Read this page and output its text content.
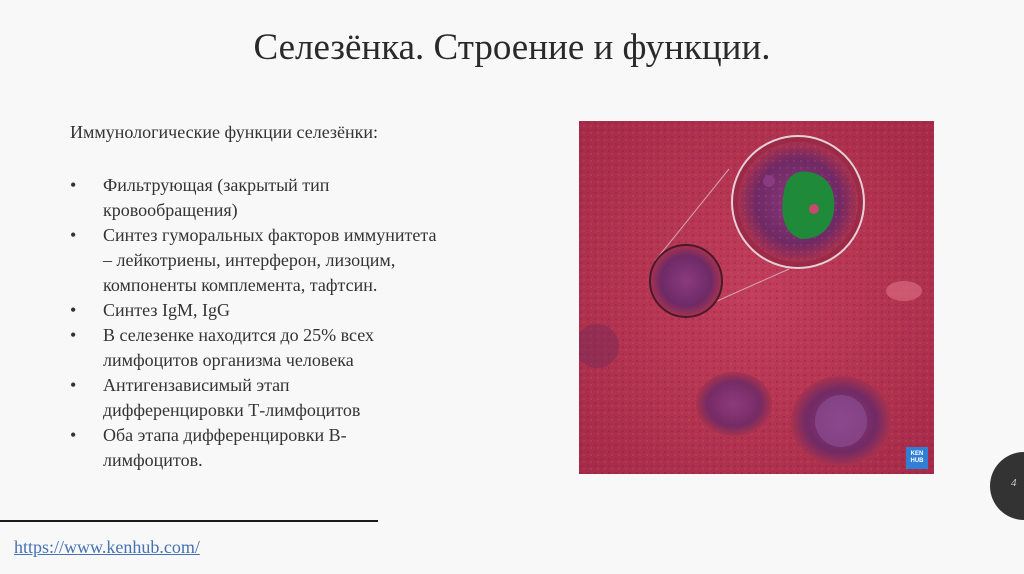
Селезёнка. Строение и функции.
Иммунологические функции селезёнки:
• Фильтрующая (закрытый тип
кровообращения)
• Синтез гуморальных факторов иммунитета
– лейкотриены, интерферон, лизоцим,
компоненты комплемента, тафтсин.
• Синтез IgM, IgG
• В селезенке находится до 25% всех
лимфоцитов организма человека
• Антигензависимый этап
дифференцировки Т-лимфоцитов
• Оба этапа дифференцировки В-
лимфоцитов.	KEN
HUB
4
https://www.kenhub.com/
